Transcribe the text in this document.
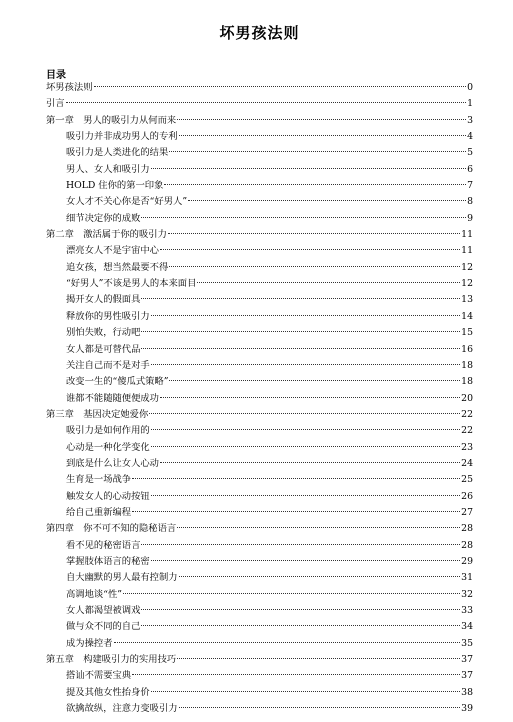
坏男孩法则
目录
坏男孩法则	0
引言	1
第一章　男人的吸引力从何而来	3
吸引力并非成功男人的专利	4
吸引力是人类进化的结果	5
男人、女人和吸引力	6
HOLD 住你的第一印象	7
女人才不关心你是否“好男人”	8
细节决定你的成败	9
第二章　激活属于你的吸引力	11
漂亮女人不是宇宙中心	11
追女孩，想当然最要不得	12
“好男人”不该是男人的本来面目	12
揭开女人的假面具	13
释放你的男性吸引力	14
别怕失败，行动吧	15
女人都是可替代品	16
关注自己而不是对手	18
改变一生的“傻瓜式策略”	18
谁都不能随随便便成功	20
第三章　基因决定她爱你	22
吸引力是如何作用的	22
心动是一种化学变化	23
到底是什么让女人心动	24
生育是一场战争	25
触发女人的心动按钮	26
给自己重新编程	27
第四章　你不可不知的隐秘语言	28
看不见的秘密语言	28
掌握肢体语言的秘密	29
自大幽默的男人最有控制力	31
高调地谈“性”	32
女人都渴望被调戏	33
做与众不同的自己	34
成为操控者	35
第五章　构建吸引力的实用技巧	37
搭讪不需要宝典	37
提及其他女性抬身价	38
欲擒故纵，注意力变吸引力	39
